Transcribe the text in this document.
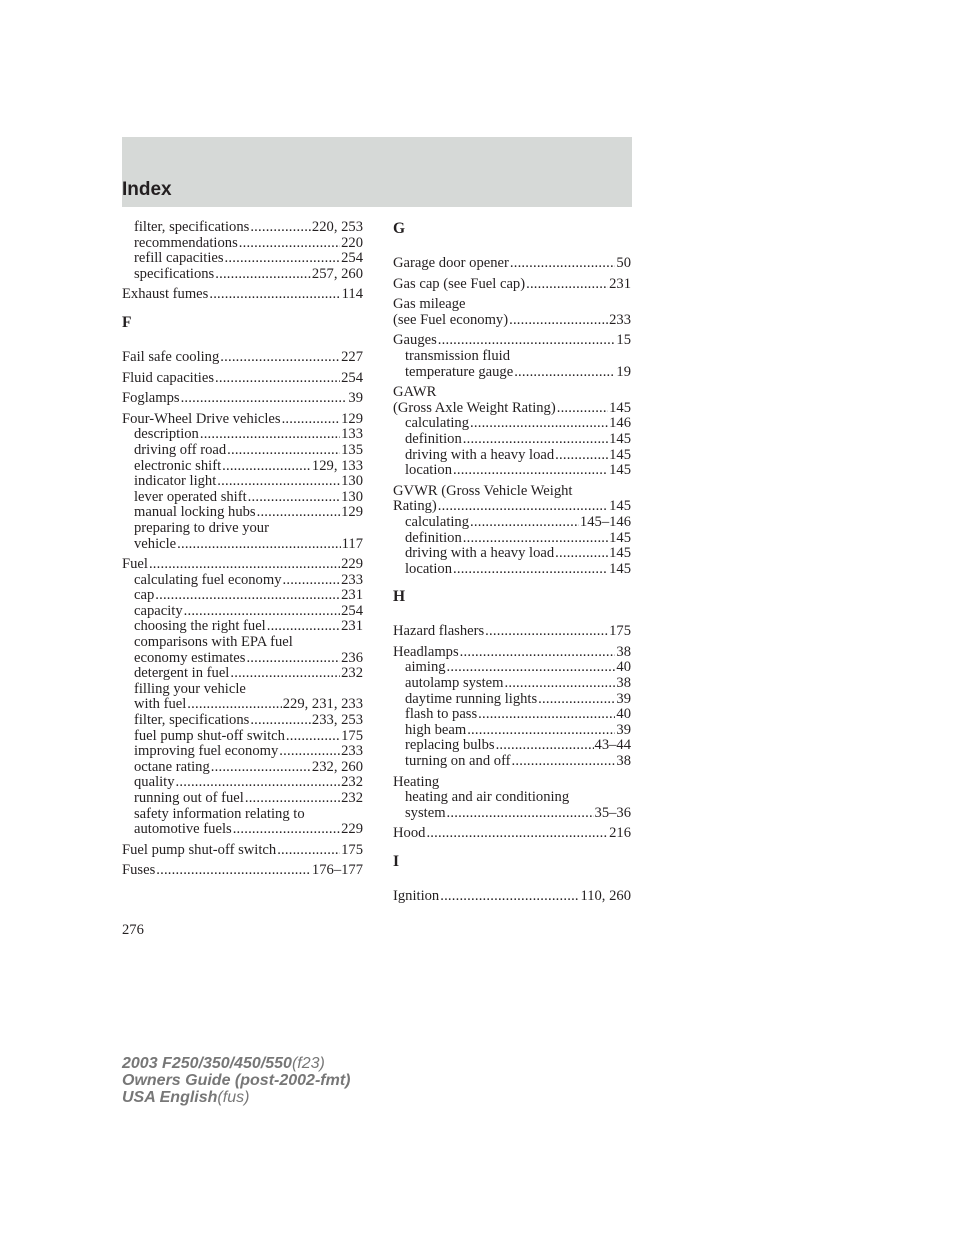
Index
filter, specifications .....	220, 253
recommendations .....	220
refill capacities .....	254
specifications .....	257, 260
Exhaust fumes .....	114
F
Fail safe cooling .....	227
Fluid capacities .....	254
Foglamps .....	39
Four-Wheel Drive vehicles .....	129
description .....	133
driving off road .....	135
electronic shift .....	129, 133
indicator light .....	130
lever operated shift .....	130
manual locking hubs .....	129
preparing to drive your
vehicle .....	117
Fuel .....	229
calculating fuel economy .....	233
cap .....	231
capacity .....	254
choosing the right fuel .....	231
comparisons with EPA fuel
economy estimates .....	236
detergent in fuel .....	232
filling your vehicle
with fuel .....	229, 231, 233
filter, specifications .....	233, 253
fuel pump shut-off switch .....	175
improving fuel economy .....	233
octane rating .....	232, 260
quality .....	232
running out of fuel .....	232
safety information relating to
automotive fuels .....	229
Fuel pump shut-off switch .....	175
Fuses .....	176–177
G
Garage door opener .....	50
Gas cap (see Fuel cap) .....	231
Gas mileage
(see Fuel economy) .....	233
Gauges .....	15
transmission fluid
temperature gauge .....	19
GAWR
(Gross Axle Weight Rating) .....	145
calculating .....	146
definition .....	145
driving with a heavy load .....	145
location .....	145
GVWR (Gross Vehicle Weight
Rating) .....	145
calculating .....	145–146
definition .....	145
driving with a heavy load .....	145
location .....	145
H
Hazard flashers .....	175
Headlamps .....	38
aiming .....	40
autolamp system .....	38
daytime running lights .....	39
flash to pass .....	40
high beam .....	39
replacing bulbs .....	43–44
turning on and off .....	38
Heating
heating and air conditioning
system .....	35–36
Hood .....	216
I
Ignition .....	110, 260
276
2003 F250/350/450/550(f23)
Owners Guide (post-2002-fmt)
USA English(fus)
